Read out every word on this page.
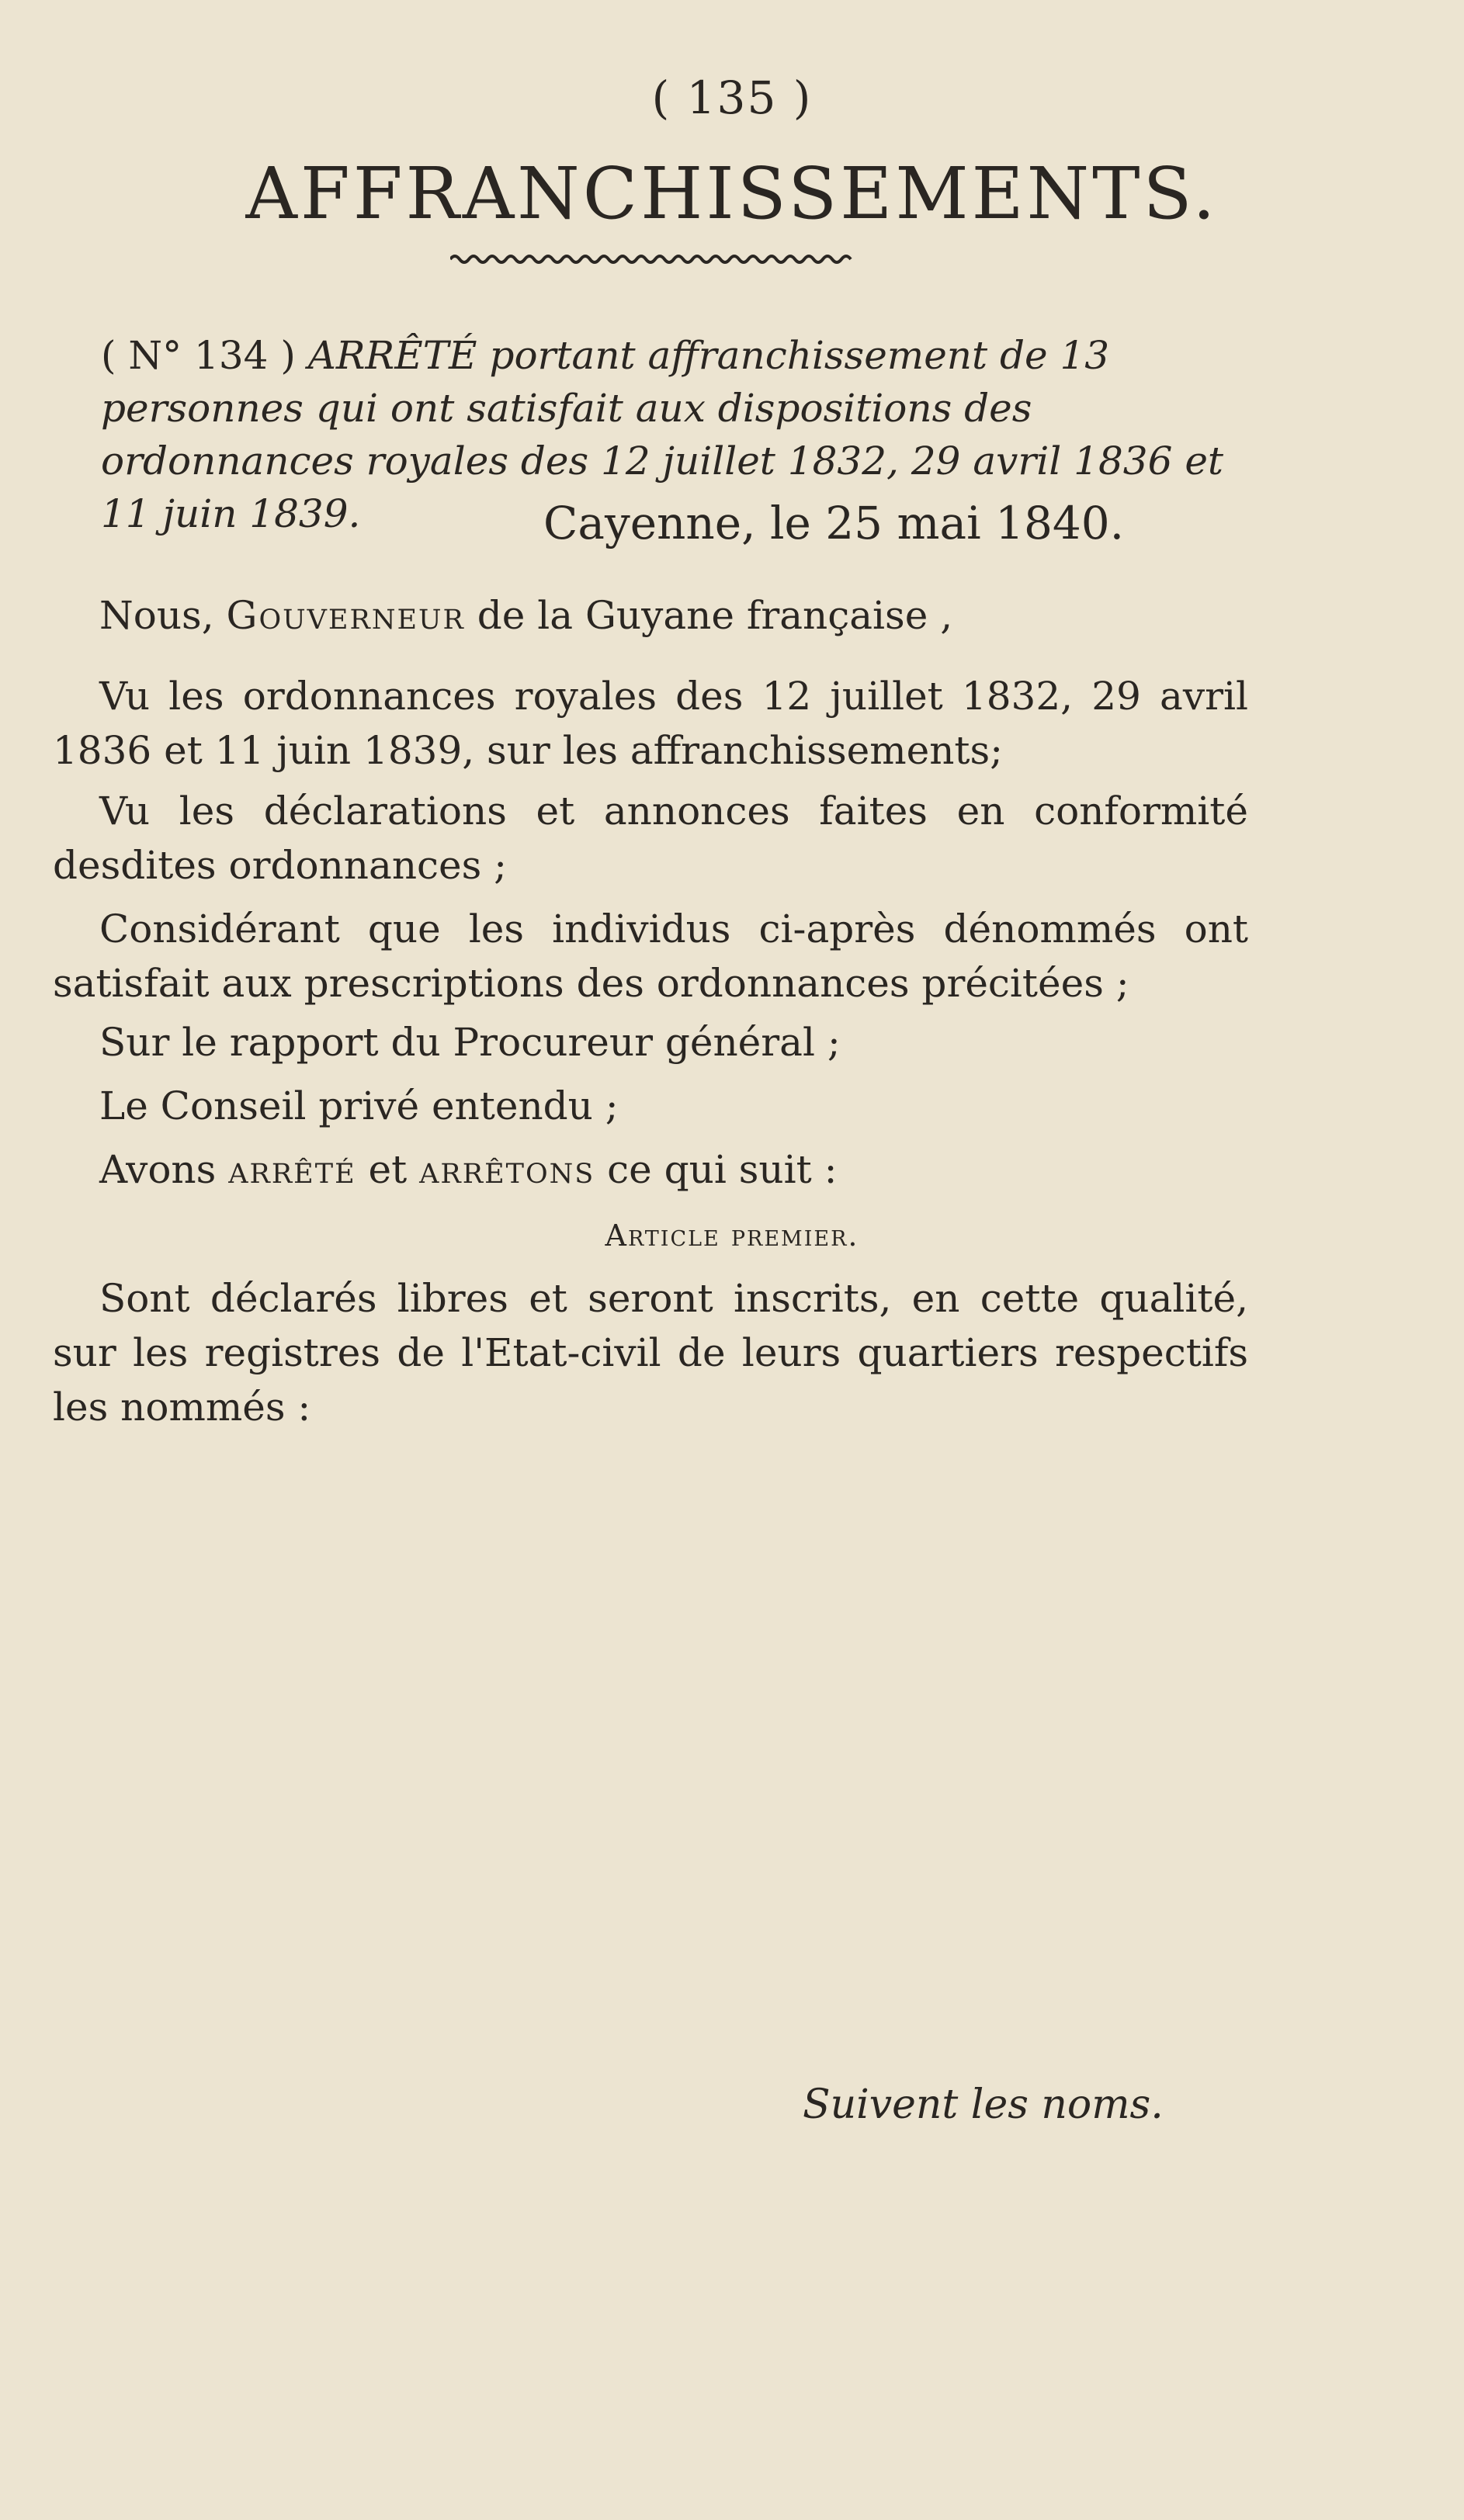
( 135 )
AFFRANCHISSEMENTS.
( N° 134 ) ARRÊTÉ portant affranchissement de 13 personnes qui ont satisfait aux dispositions des ordonnances royales des 12 juillet 1832, 29 avril 1836 et 11 juin 1839.	Cayenne, le 25 mai 1840.
Nous, Gouverneur de la Guyane française ,
Vu les ordonnances royales des 12 juillet 1832, 29 avril 1836 et 11 juin 1839, sur les affranchissements;
Vu les déclarations et annonces faites en conformité desdites ordonnances ;
Considérant que les individus ci-après dénommés ont satisfait aux prescriptions des ordonnances précitées ;
Sur le rapport du Procureur général ;
Le Conseil privé entendu ;
Avons arrêté et arrêtons ce qui suit :
Article premier.
Sont déclarés libres et seront inscrits, en cette qualité, sur les registres de l'Etat-civil de leurs quartiers respectifs les nommés :
Suivent les noms.
